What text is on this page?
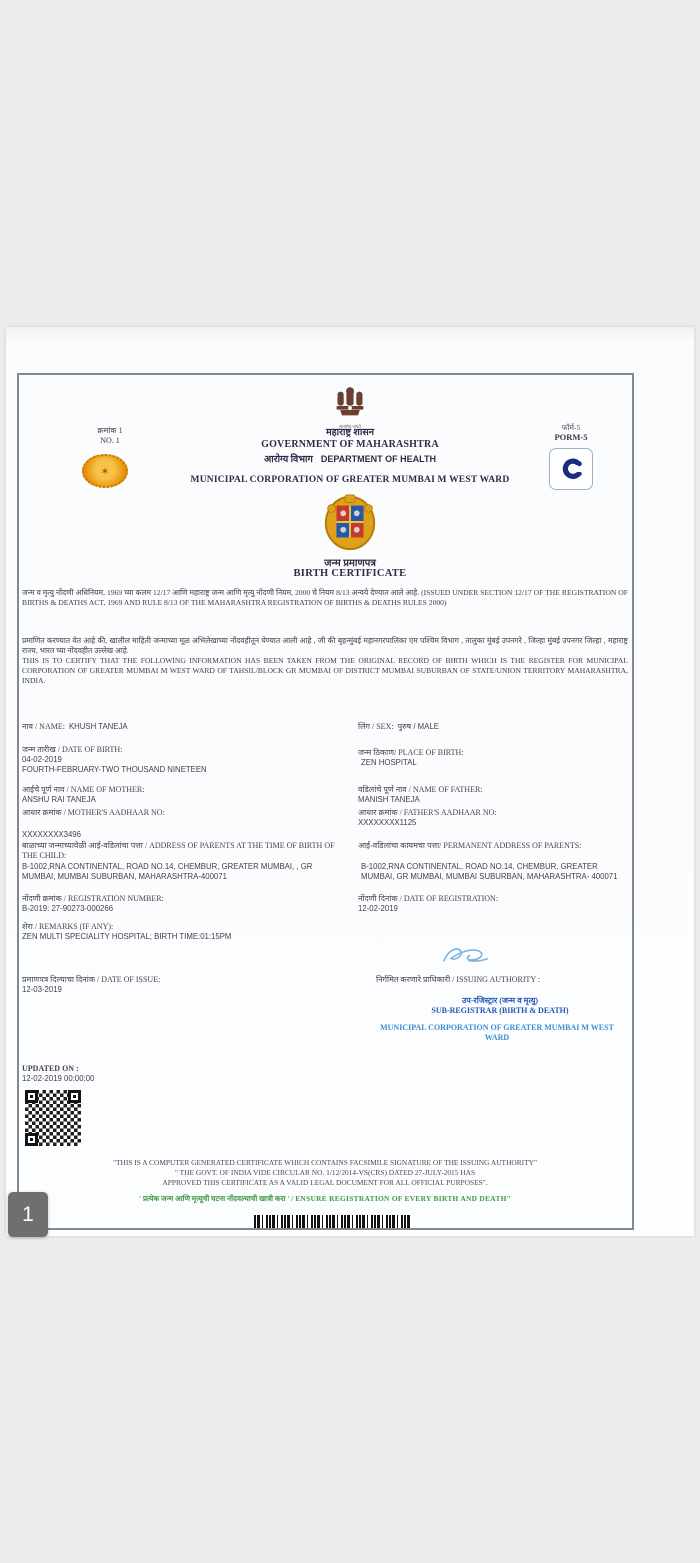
सत्यमेव जयते
क्रमांक 1
NO. 1
✶
महाराष्ट्र शासन
GOVERNMENT OF MAHARASHTRA
आरोग्य विभाग DEPARTMENT OF HEALTH
MUNICIPAL CORPORATION OF GREATER MUMBAI M WEST WARD
फॉर्म-5
PORM-5
जन्म प्रमाणपत्र
BIRTH CERTIFICATE
जन्म व मृत्यु नोंदणी अधिनियम, 1969 च्या कलम 12/17 आणि महाराष्ट्र जन्म आणि मृत्यु नोंदणी नियम, 2000 चे नियम 8/13 अन्वये देण्यात आले आहे. (ISSUED UNDER SECTION 12/17 OF THE REGISTRATION OF BIRTHS & DEATHS ACT, 1969 AND RULE 8/13 OF THE MAHARASHTRA REGISTRATION OF BIRTHS & DEATHS RULES 2000)
प्रमाणित करण्यात येत आहे की, खालील माहिती जन्माच्या मूळ अभिलेखाच्या नोंदवहीतून घेण्यात आली आहे , जी की बृहन्मुंबई महानगरपालिका एम पश्चिम विभाग , तालुका मुंबई उपनगरे , जिल्हा मुंबई उपनगर जिल्हा , महाराष्ट्र राज्य, भारत च्या नोंदवहीत उल्लेख आहे.
THIS IS TO CERTIFY THAT THE FOLLOWING INFORMATION HAS BEEN TAKEN FROM THE ORIGINAL RECORD OF BIRTH WHICH IS THE REGISTER FOR MUNICIPAL CORPORATION OF GREATER MUMBAI M WEST WARD OF TAHSIL/BLOCK GR MUMBAI OF DISTRICT MUMBAI SUBURBAN OF STATE/UNION TERRITORY MAHARASHTRA, INDIA.
नाव / NAME: KHUSH TANEJA
जन्म तारीख / DATE OF BIRTH:
04-02-2019
FOURTH-FEBRUARY-TWO THOUSAND NINETEEN
आईचे पूर्ण नाव / NAME OF MOTHER:
ANSHU RAI TANEJA
आधार क्रमांक / MOTHER'S AADHAAR NO:
XXXXXXXX3496
बाळाच्या जन्माच्यावेळी आई-वडिलांचा पत्ता / ADDRESS OF PARENTS AT THE TIME OF BIRTH OF THE CHILD:
B-1002,RNA CONTINENTAL, ROAD NO.14, CHEMBUR, GREATER MUMBAI, , GR MUMBAI, MUMBAI SUBURBAN, MAHARASHTRA-400071
नोंदणी क्रमांक / REGISTRATION NUMBER:
B-2019: 27-90273-000266
शेरा / REMARKS (IF ANY):
ZEN MULTI SPECIALITY HOSPITAL; BIRTH TIME:01:15PM
प्रमाणपत्र दिल्याचा दिनांक / DATE OF ISSUE:
12-03-2019
UPDATED ON :
12-02-2019 00:00:00
लिंग / SEX: पुरुष / MALE
जन्म ठिकाण/ PLACE OF BIRTH:
ZEN HOSPITAL
वडिलांचे पूर्ण नाव / NAME OF FATHER:
MANISH TANEJA
आधार क्रमांक / FATHER'S AADHAAR NO:
XXXXXXXX1125
आई-वडिलांचा कायमचा पत्ता/ PERMANENT ADDRESS OF PARENTS:
B-1002,RNA CONTINENTAL, ROAD NO.14, CHEMBUR, GREATER MUMBAI, GR MUMBAI, MUMBAI SUBURBAN, MAHARASHTRA- 400071
नोंदणी दिनांक / DATE OF REGISTRATION:
12-02-2019
निर्गमित करणारे प्राधिकारी / ISSUING AUTHORITY :
उप-रजिस्ट्रार (जन्म व मृत्यु)
SUB-REGISTRAR (BIRTH & DEATH)
MUNICIPAL CORPORATION OF GREATER MUMBAI M WEST WARD
"THIS IS A COMPUTER GENERATED CERTIFICATE WHICH CONTAINS FACSIMILE SIGNATURE OF THE ISSUING AUTHORITY"
" THE GOVT. OF INDIA VIDE CIRCULAR NO. 1/12/2014-VS(CRS) DATED 27-JULY-2015 HAS
APPROVED THIS CERTIFICATE AS A VALID LEGAL DOCUMENT FOR ALL OFFICIAL PURPOSES".
' प्रत्येक जन्म आणि मृत्यूची घटना नोंदवल्याची खात्री करा ' / ENSURE REGISTRATION OF EVERY BIRTH AND DEATH"
1
